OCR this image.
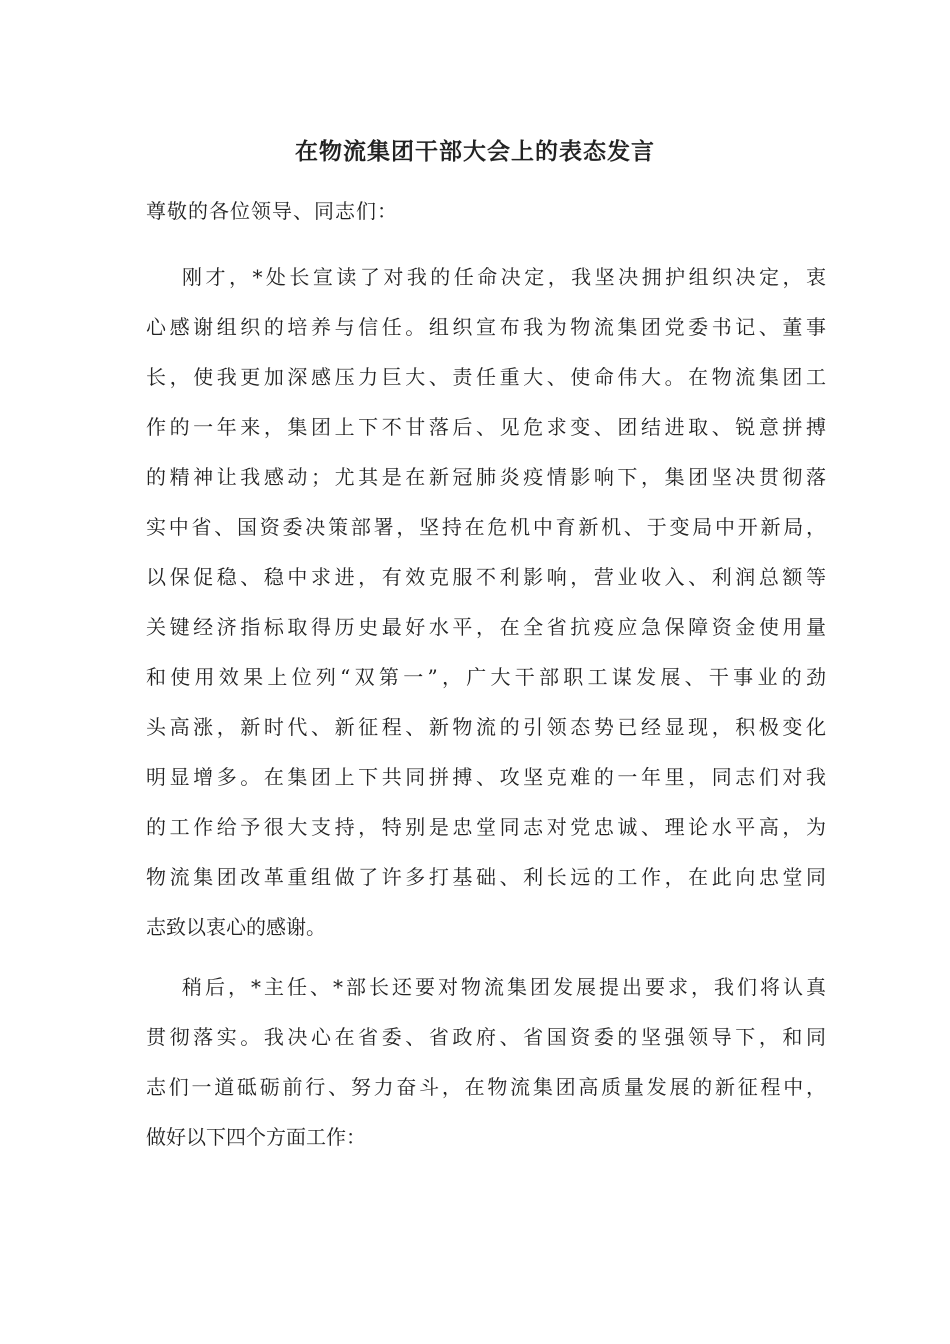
在物流集团干部大会上的表态发言

尊敬的各位领导、同志们：

刚才，*处长宣读了对我的任命决定，我坚决拥护组织决定，衷
心感谢组织的培养与信任。组织宣布我为物流集团党委书记、董事
长，使我更加深感压力巨大、责任重大、使命伟大。在物流集团工
作的一年来，集团上下不甘落后、见危求变、团结进取、锐意拼搏
的精神让我感动；尤其是在新冠肺炎疫情影响下，集团坚决贯彻落
实中省、国资委决策部署，坚持在危机中育新机、于变局中开新局，
以保促稳、稳中求进，有效克服不利影响，营业收入、利润总额等
关键经济指标取得历史最好水平，在全省抗疫应急保障资金使用量
和使用效果上位列“双第一”，广大干部职工谋发展、干事业的劲
头高涨，新时代、新征程、新物流的引领态势已经显现，积极变化
明显增多。在集团上下共同拼搏、攻坚克难的一年里，同志们对我
的工作给予很大支持，特别是忠堂同志对党忠诚、理论水平高，为
物流集团改革重组做了许多打基础、利长远的工作，在此向忠堂同
志致以衷心的感谢。
稍后，*主任、*部长还要对物流集团发展提出要求，我们将认真
贯彻落实。我决心在省委、省政府、省国资委的坚强领导下，和同
志们一道砥砺前行、努力奋斗，在物流集团高质量发展的新征程中，
做好以下四个方面工作：
